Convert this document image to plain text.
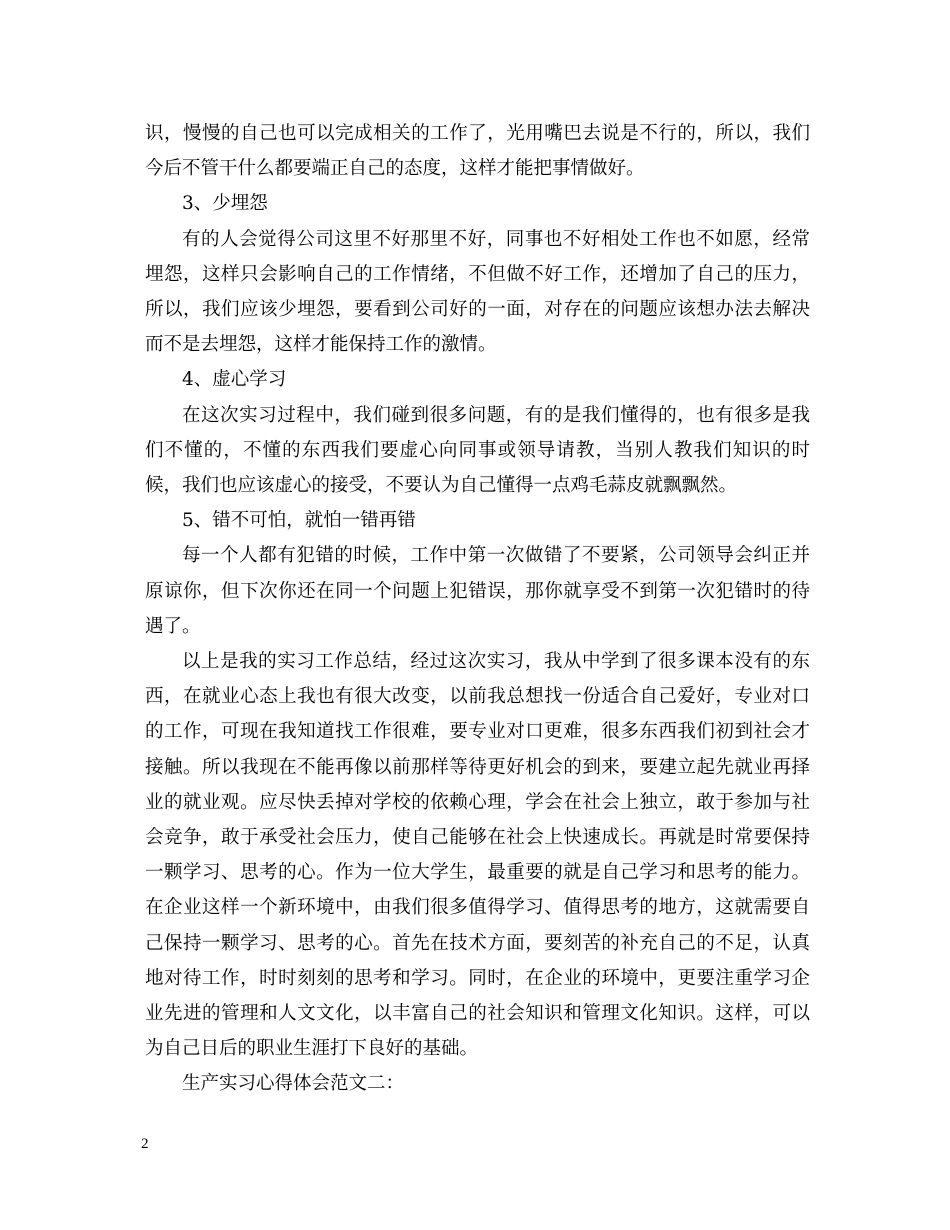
识，慢慢的自己也可以完成相关的工作了，光用嘴巴去说是不行的，所以，我们今后不管干什么都要端正自己的态度，这样才能把事情做好。

3、少埋怨

有的人会觉得公司这里不好那里不好，同事也不好相处工作也不如愿，经常埋怨，这样只会影响自己的工作情绪，不但做不好工作，还增加了自己的压力，所以，我们应该少埋怨，要看到公司好的一面，对存在的问题应该想办法去解决而不是去埋怨，这样才能保持工作的激情。

4、虚心学习

在这次实习过程中，我们碰到很多问题，有的是我们懂得的，也有很多是我们不懂的，不懂的东西我们要虚心向同事或领导请教，当别人教我们知识的时候，我们也应该虚心的接受，不要认为自己懂得一点鸡毛蒜皮就飘飘然。

5、错不可怕，就怕一错再错

每一个人都有犯错的时候，工作中第一次做错了不要紧，公司领导会纠正并原谅你，但下次你还在同一个问题上犯错误，那你就享受不到第一次犯错时的待遇了。

以上是我的实习工作总结，经过这次实习，我从中学到了很多课本没有的东西，在就业心态上我也有很大改变，以前我总想找一份适合自己爱好，专业对口的工作，可现在我知道找工作很难，要专业对口更难，很多东西我们初到社会才接触。所以我现在不能再像以前那样等待更好机会的到来，要建立起先就业再择业的就业观。应尽快丢掉对学校的依赖心理，学会在社会上独立，敢于参加与社会竞争，敢于承受社会压力，使自己能够在社会上快速成长。再就是时常要保持一颗学习、思考的心。作为一位大学生，最重要的就是自己学习和思考的能力。在企业这样一个新环境中，由我们很多值得学习、值得思考的地方，这就需要自己保持一颗学习、思考的心。首先在技术方面，要刻苦的补充自己的不足，认真地对待工作，时时刻刻的思考和学习。同时，在企业的环境中，更要注重学习企业先进的管理和人文文化，以丰富自己的社会知识和管理文化知识。这样，可以为自己日后的职业生涯打下良好的基础。

生产实习心得体会范文二：

2
